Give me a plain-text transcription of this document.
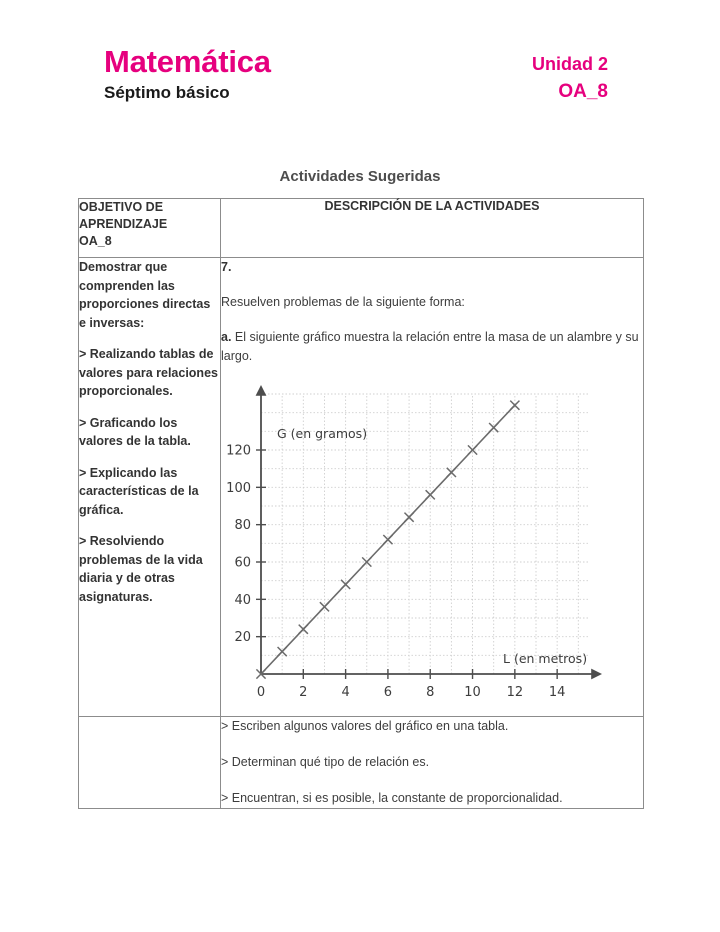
Matemática
Séptimo básico
Unidad 2
OA_8
Actividades Sugeridas
OBJETIVO DE
APRENDIZAJE
OA_8	DESCRIPCIÓN DE LA ACTIVIDADES

Demostrar que comprenden las proporciones directas e inversas:

> Realizando tablas de valores para relaciones proporcionales.

> Graficando los valores de la tabla.

> Explicando las características de la gráfica.

> Resolviendo problemas de la vida diaria y de otras asignaturas.

7.

Resuelven problemas de la siguiente forma:

a. El siguiente gráfico muestra la relación entre la masa de un alambre y su largo.

0	2	4	6	8 10 12 14
20
40
60
80
100
120
G (en gramos)
L (en metros)

	> Escriben algunos valores del gráfico en una tabla.

> Determinan qué tipo de relación es.

> Encuentran, si es posible, la constante de proporcionalidad.
